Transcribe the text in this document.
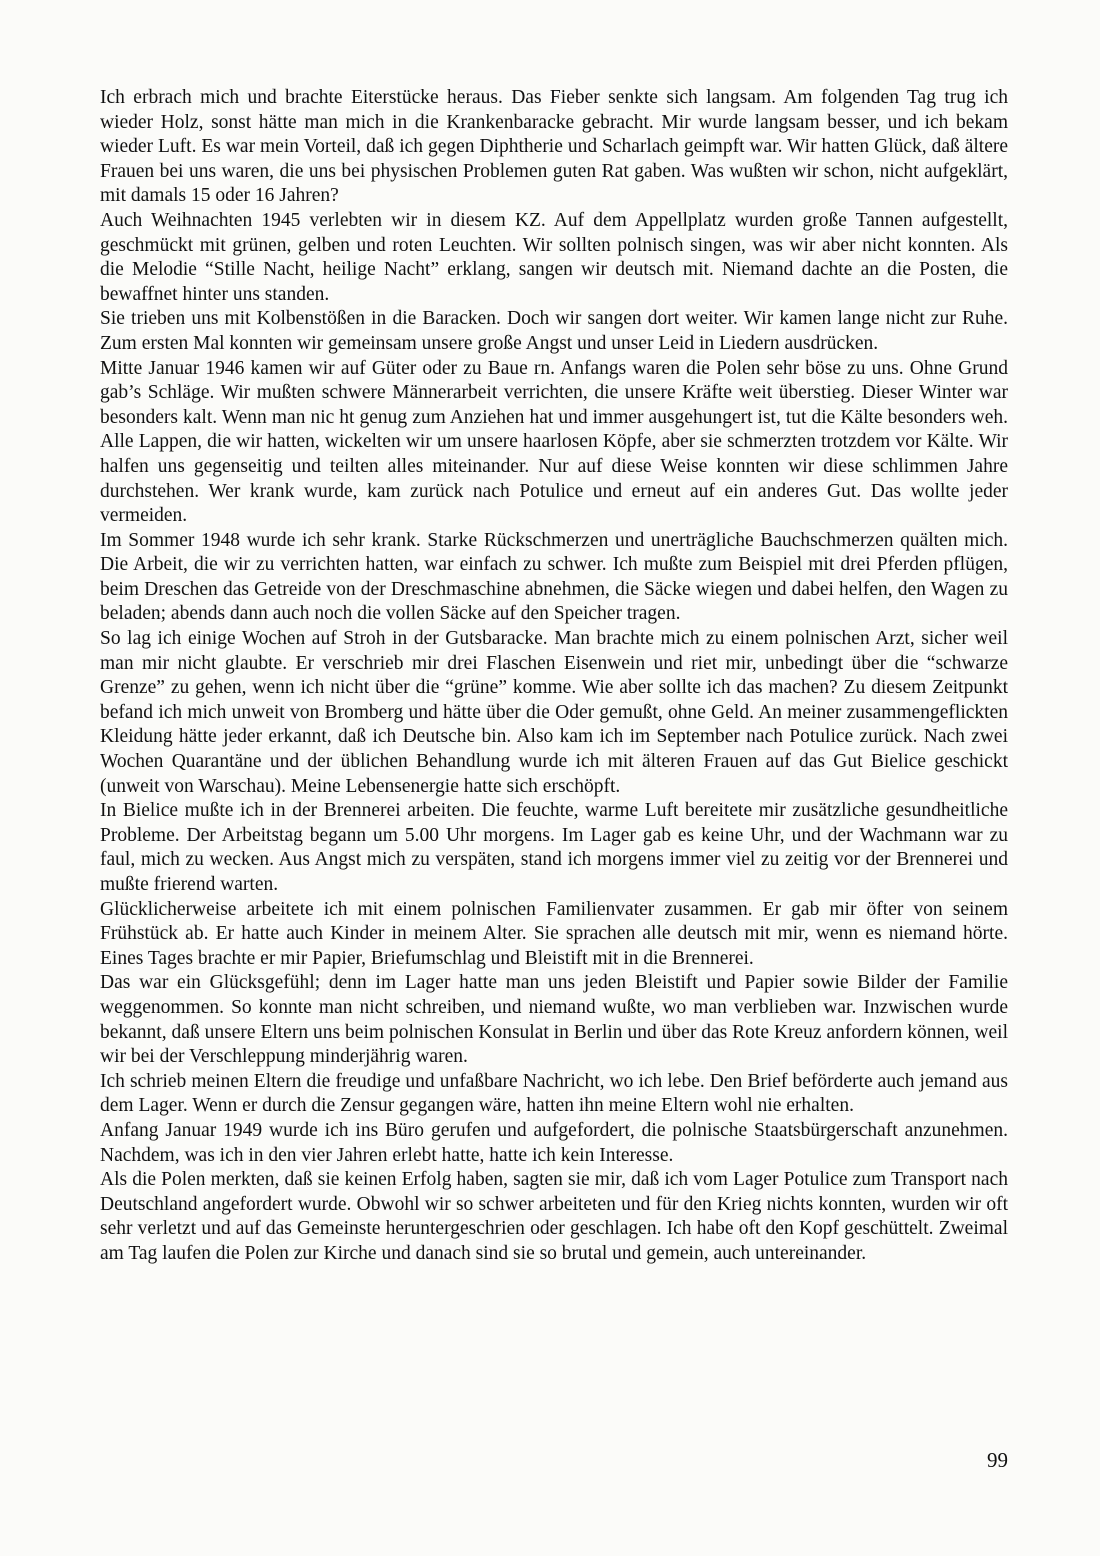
Ich erbrach mich und brachte Eiterstücke heraus. Das Fieber senkte sich langsam. Am folgenden Tag trug ich wieder Holz, sonst hätte man mich in die Krankenbaracke gebracht. Mir wurde langsam besser, und ich bekam wieder Luft. Es war mein Vorteil, daß ich gegen Diphtherie und Scharlach geimpft war. Wir hatten Glück, daß ältere Frauen bei uns waren, die uns bei physischen Problemen guten Rat gaben. Was wußten wir schon, nicht aufgeklärt, mit damals 15 oder 16 Jahren?

Auch Weihnachten 1945 verlebten wir in diesem KZ. Auf dem Appellplatz wurden große Tannen aufgestellt, geschmückt mit grünen, gelben und roten Leuchten. Wir sollten polnisch singen, was wir aber nicht konnten. Als die Melodie “Stille Nacht, heilige Nacht” erklang, sangen wir deutsch mit. Niemand dachte an die Posten, die bewaffnet hinter uns standen.

Sie trieben uns mit Kolbenstößen in die Baracken. Doch wir sangen dort weiter. Wir kamen lange nicht zur Ruhe. Zum ersten Mal konnten wir gemeinsam unsere große Angst und unser Leid in Liedern ausdrücken.

Mitte Januar 1946 kamen wir auf Güter oder zu Baue rn. Anfangs waren die Polen sehr böse zu uns. Ohne Grund gab’s Schläge. Wir mußten schwere Männerarbeit verrichten, die unsere Kräfte weit überstieg. Dieser Winter war besonders kalt. Wenn man nic ht genug zum Anziehen hat und immer ausgehungert ist, tut die Kälte besonders weh. Alle Lappen, die wir hatten, wickelten wir um unsere haarlosen Köpfe, aber sie schmerzten trotzdem vor Kälte. Wir halfen uns gegenseitig und teilten alles miteinander. Nur auf diese Weise konnten wir diese schlimmen Jahre durchstehen. Wer krank wurde, kam zurück nach Potulice und erneut auf ein anderes Gut. Das wollte jeder vermeiden.

Im Sommer 1948 wurde ich sehr krank. Starke Rückschmerzen und unerträgliche Bauchschmerzen quälten mich. Die Arbeit, die wir zu verrichten hatten, war einfach zu schwer. Ich mußte zum Beispiel mit drei Pferden pflügen, beim Dreschen das Getreide von der Dreschmaschine abnehmen, die Säcke wiegen und dabei helfen, den Wagen zu beladen; abends dann auch noch die vollen Säcke auf den Speicher tragen.

So lag ich einige Wochen auf Stroh in der Gutsbaracke. Man brachte mich zu einem polnischen Arzt, sicher weil man mir nicht glaubte. Er verschrieb mir drei Flaschen Eisenwein und riet mir, unbedingt über die “schwarze Grenze” zu gehen, wenn ich nicht über die “grüne” komme. Wie aber sollte ich das machen? Zu diesem Zeitpunkt befand ich mich unweit von Bromberg und hätte über die Oder gemußt, ohne Geld. An meiner zusammengeflickten Kleidung hätte jeder erkannt, daß ich Deutsche bin. Also kam ich im September nach Potulice zurück. Nach zwei Wochen Quarantäne und der üblichen Behandlung wurde ich mit älteren Frauen auf das Gut Bielice geschickt (unweit von Warschau). Meine Lebensenergie hatte sich erschöpft.

In Bielice mußte ich in der Brennerei arbeiten. Die feuchte, warme Luft bereitete mir zusätzliche gesundheitliche Probleme. Der Arbeitstag begann um 5.00 Uhr morgens. Im Lager gab es keine Uhr, und der Wachmann war zu faul, mich zu wecken. Aus Angst mich zu verspäten, stand ich morgens immer viel zu zeitig vor der Brennerei und mußte frierend warten.

Glücklicherweise arbeitete ich mit einem polnischen Familienvater zusammen. Er gab mir öfter von seinem Frühstück ab. Er hatte auch Kinder in meinem Alter. Sie sprachen alle deutsch mit mir, wenn es niemand hörte. Eines Tages brachte er mir Papier, Briefumschlag und Bleistift mit in die Brennerei.

Das war ein Glücksgefühl; denn im Lager hatte man uns jeden Bleistift und Papier sowie Bilder der Familie weggenommen. So konnte man nicht schreiben, und niemand wußte, wo man verblieben war. Inzwischen wurde bekannt, daß unsere Eltern uns beim polnischen Konsulat in Berlin und über das Rote Kreuz anfordern können, weil wir bei der Verschleppung minderjährig waren.

Ich schrieb meinen Eltern die freudige und unfaßbare Nachricht, wo ich lebe. Den Brief beförderte auch jemand aus dem Lager. Wenn er durch die Zensur gegangen wäre, hatten ihn meine Eltern wohl nie erhalten.

Anfang Januar 1949 wurde ich ins Büro gerufen und aufgefordert, die polnische Staatsbürgerschaft anzunehmen. Nachdem, was ich in den vier Jahren erlebt hatte, hatte ich kein Interesse.

Als die Polen merkten, daß sie keinen Erfolg haben, sagten sie mir, daß ich vom Lager Potulice zum Transport nach Deutschland angefordert wurde. Obwohl wir so schwer arbeiteten und für den Krieg nichts konnten, wurden wir oft sehr verletzt und auf das Gemeinste heruntergeschrien oder geschlagen. Ich habe oft den Kopf geschüttelt. Zweimal am Tag laufen die Polen zur Kirche und danach sind sie so brutal und gemein, auch untereinander.

99
